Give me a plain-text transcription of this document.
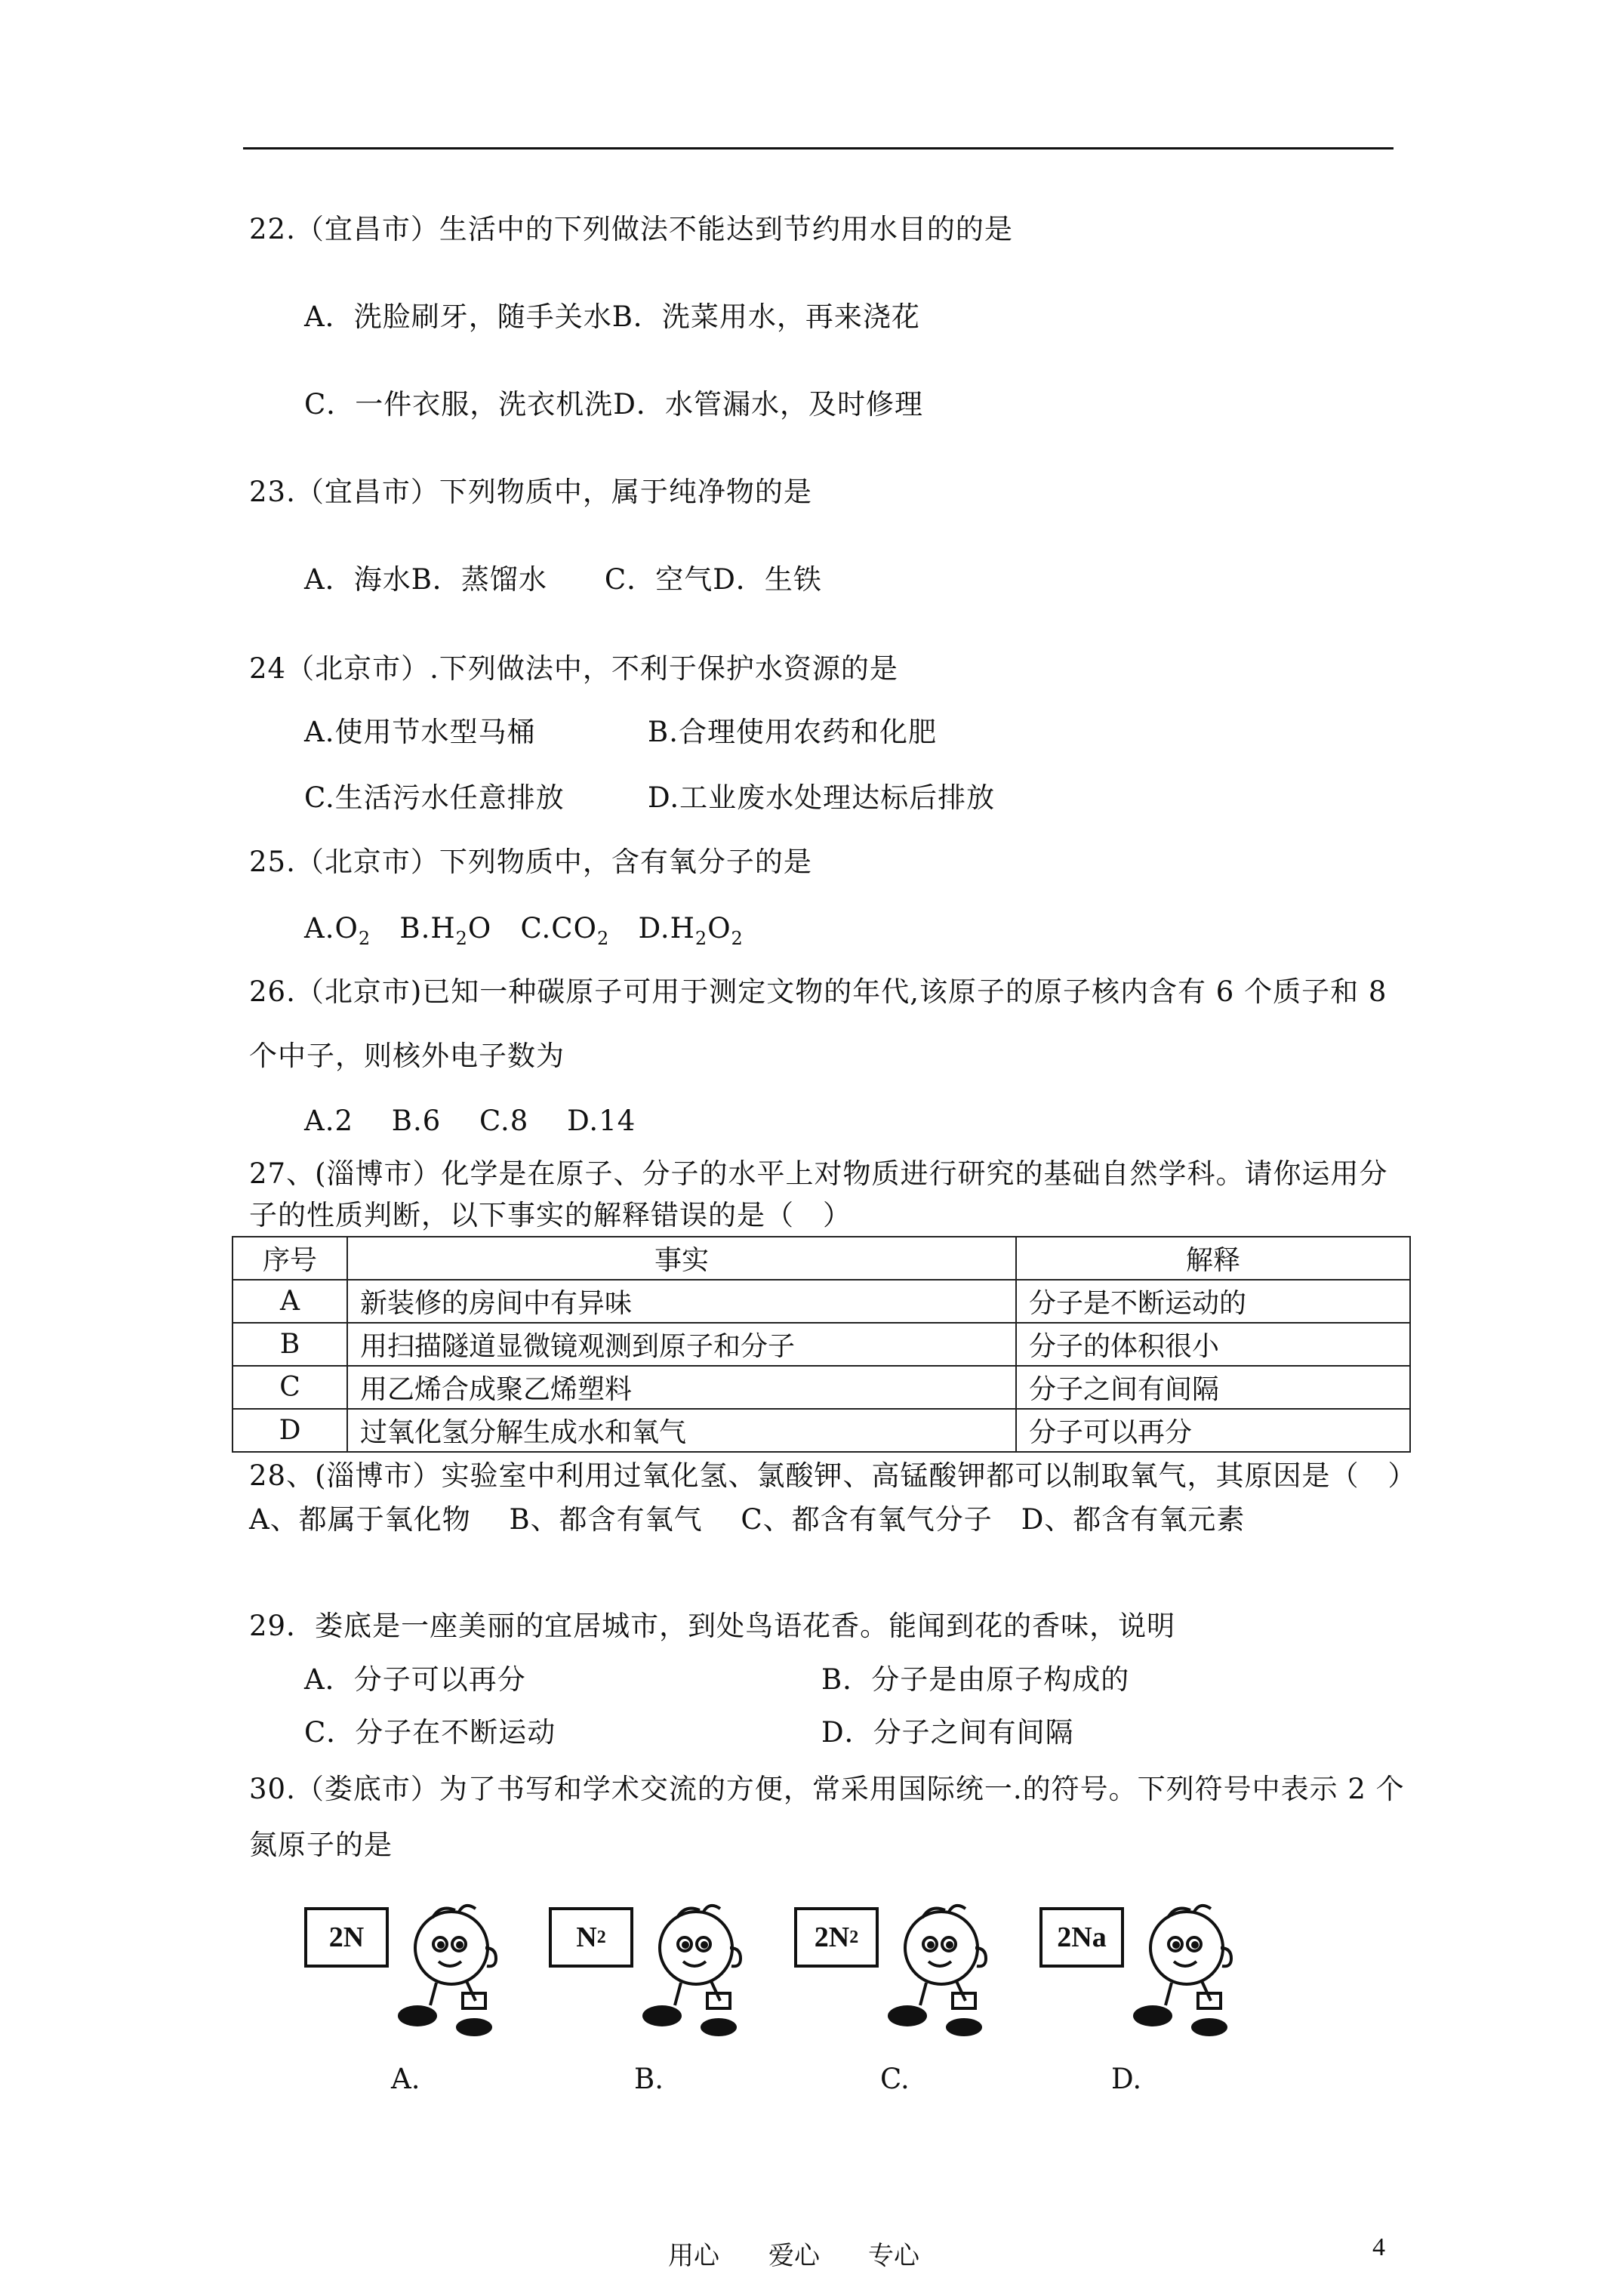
22.（宜昌市）生活中的下列做法不能达到节约用水目的的是
A．洗脸刷牙，随手关水B．洗菜用水，再来浇花
C．一件衣服，洗衣机洗D．水管漏水，及时修理
23.（宜昌市）下列物质中，属于纯净物的是
A．海水B．蒸馏水　　C．空气D．生铁
24（北京市）.下列做法中，不利于保护水资源的是
A.使用节水型马桶	B.合理使用农药和化肥
C.生活污水任意排放	D.工业废水处理达标后排放
25.（北京市）下列物质中，含有氧分子的是
$A.O_2$ $B.H_2O$ $C.CO_2$ $D.H_2O_2$
26.（北京市)已知一种碳原子可用于测定文物的年代,该原子的原子核内含有 6 个质子和 8
个中子，则核外电子数为
A.2　 B.6　 C.8　 D.14
27、(淄博市）化学是在原子、分子的水平上对物质进行研究的基础自然学科。请你运用分
子的性质判断，以下事实的解释错误的是（　）
序号	事实	解释
A	新装修的房间中有异味	分子是不断运动的
B	用扫描隧道显微镜观测到原子和分子	分子的体积很小
C	用乙烯合成聚乙烯塑料	分子之间有间隔
D	过氧化氢分解生成水和氧气	分子可以再分
28、(淄博市）实验室中利用过氧化氢、氯酸钾、高锰酸钾都可以制取氧气，其原因是（　）
A、都属于氧化物　 B、都含有氧气　 C、都含有氧气分子　D、都含有氧元素
29．娄底是一座美丽的宜居城市，到处鸟语花香。能闻到花的香味，说明
A．分子可以再分	B．分子是由原子构成的
C．分子在不断运动	D．分子之间有间隔
30.（娄底市）为了书写和学术交流的方便，常采用国际统一.的符号。下列符号中表示 2 个
氮原子的是
2N	N 2	2N 2	2Na
A.	B.	C.	D.
用心 爱心 专心	4
